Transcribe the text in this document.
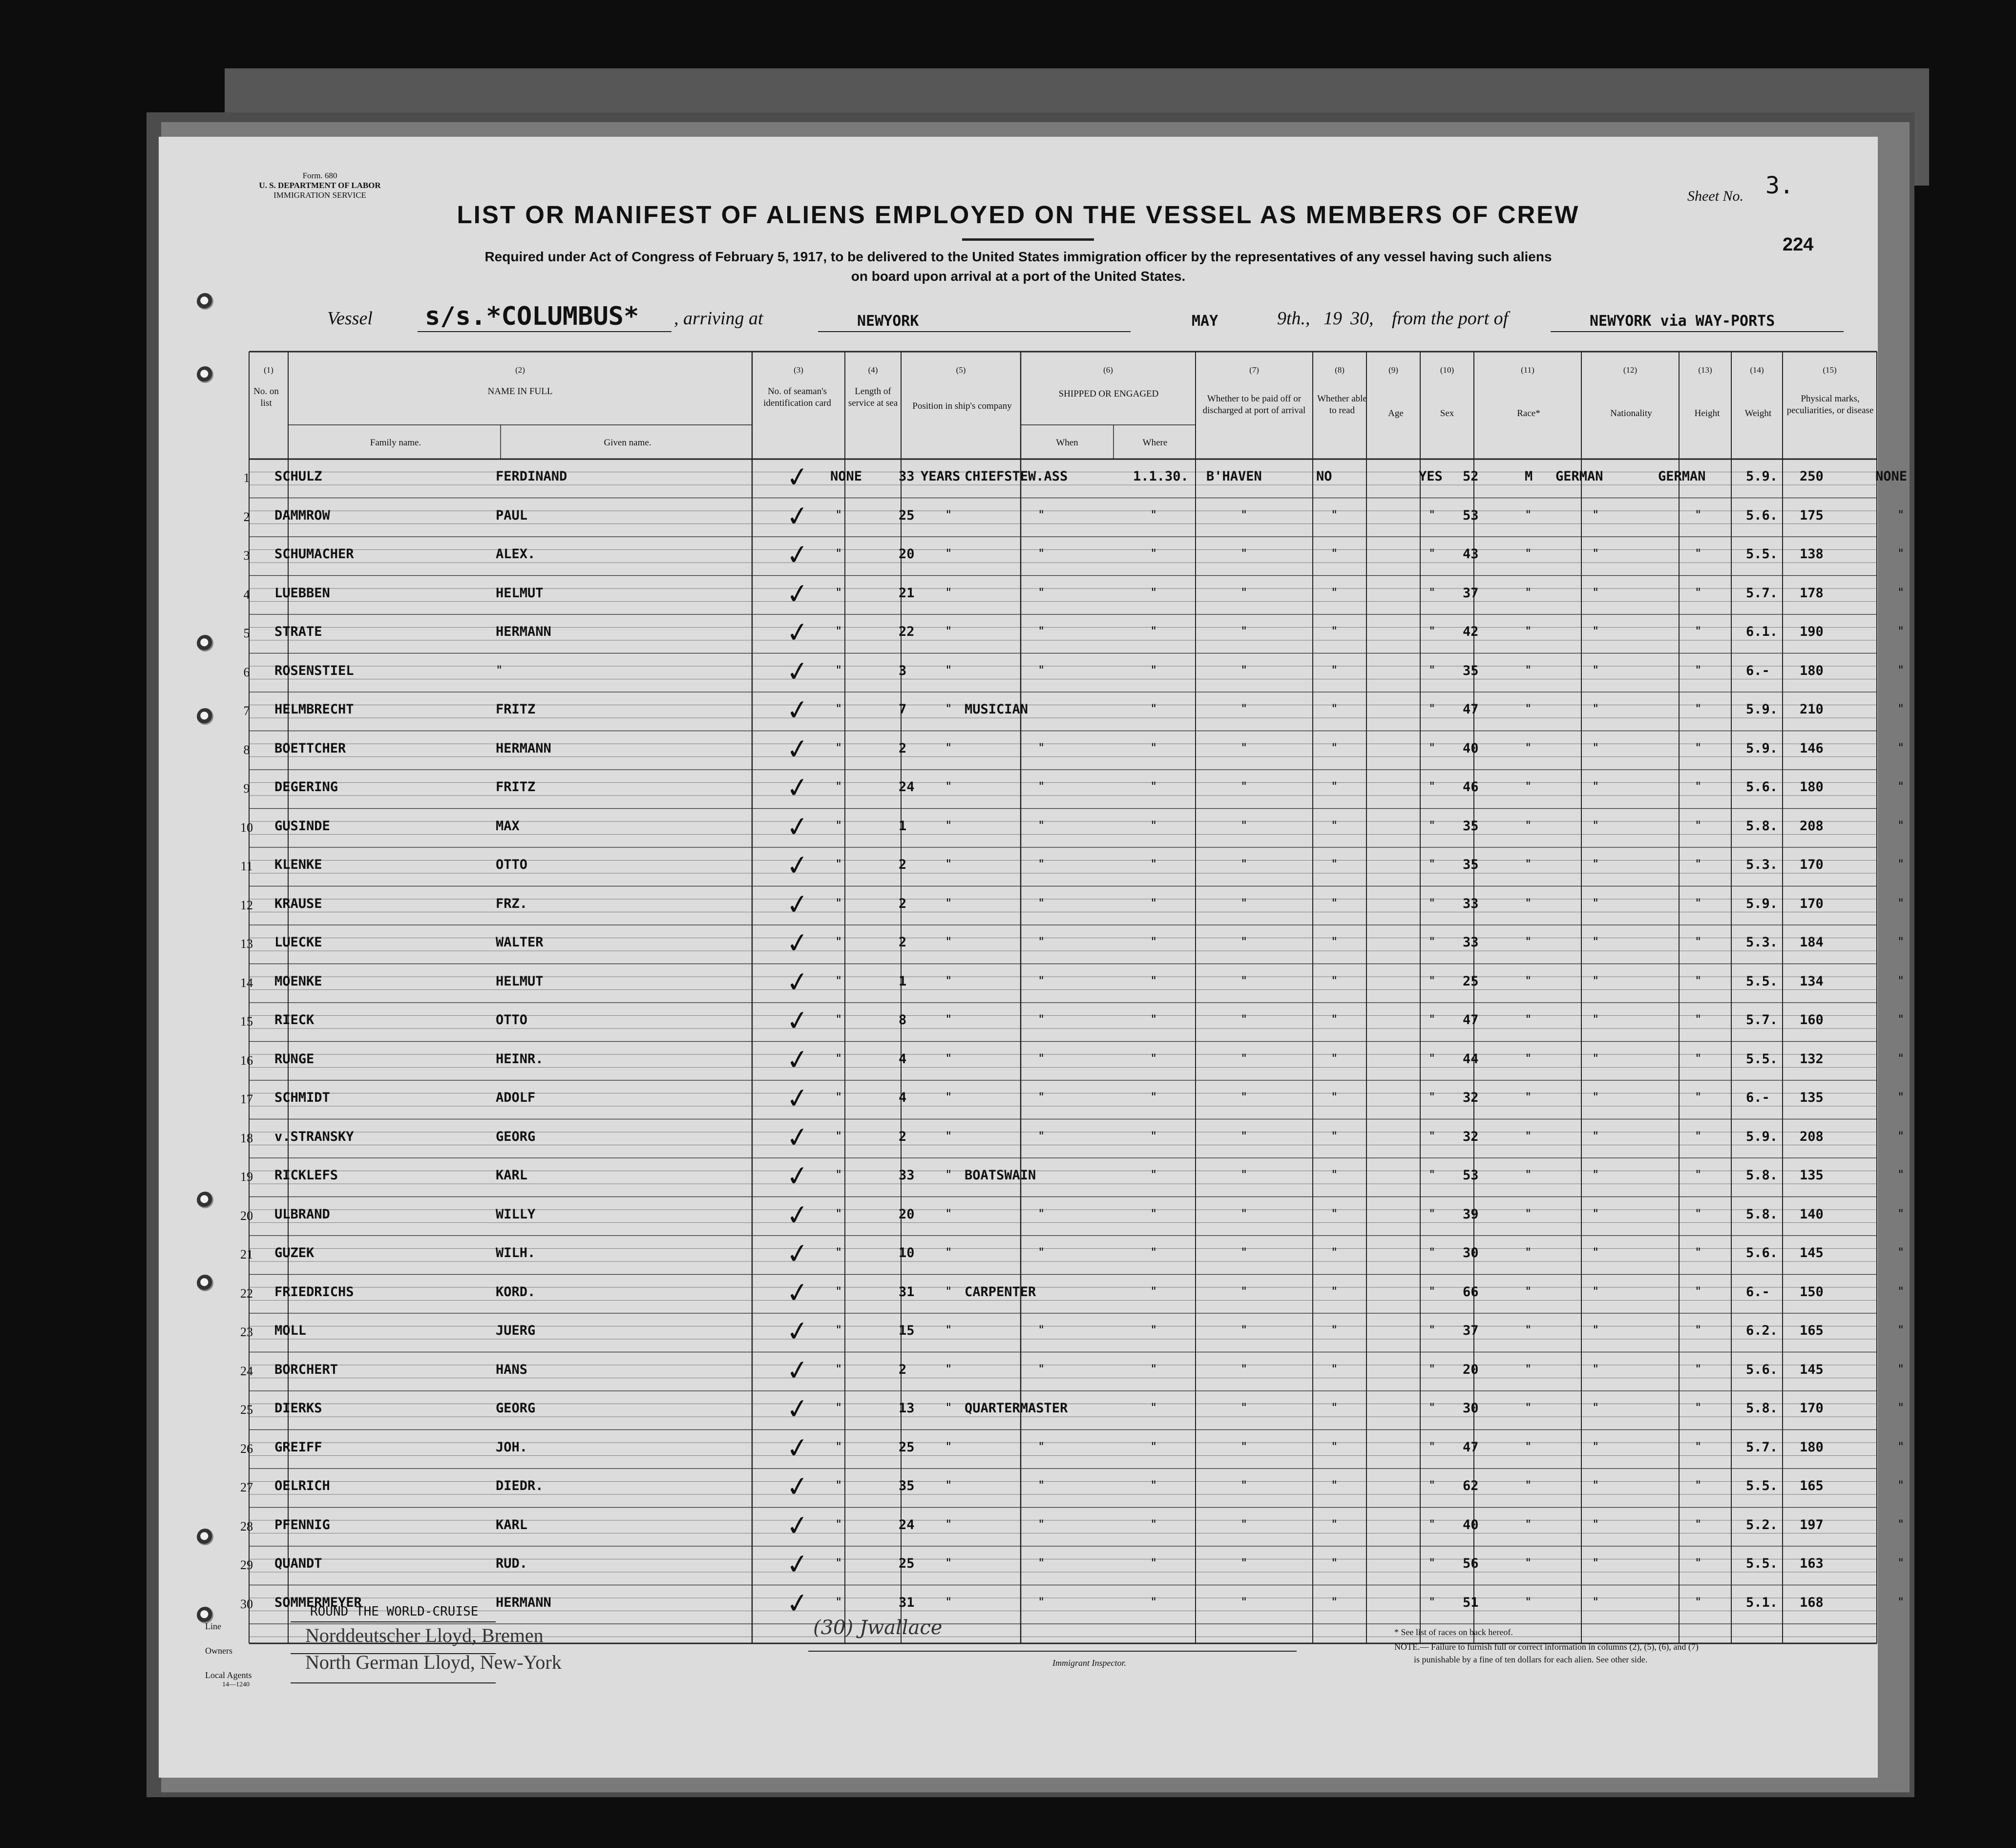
Form. 680
U. S. DEPARTMENT OF LABOR
IMMIGRATION SERVICE
LIST OR MANIFEST OF ALIENS EMPLOYED ON THE VESSEL AS MEMBERS OF CREW
Required under Act of Congress of February 5, 1917, to be delivered to the United States immigration officer by the representatives of any vessel having such aliens
on board upon arrival at a port of the United States.
Sheet No. 3.
224
Vessel s/s.*COLUMBUS* , arriving at	NEWYORK	MAY	9th., 19 30, from the port of	NEWYORK via WAY-PORTS
(1)	(2)	(3)	(4)	(5)	(6)	(7)	(8)	(9)	(10)	(11)	(12)	(13)	(14)	(15)
No. on list
NAME IN FULL
Family name.	Given name.
No. of seaman's identification card
Length of service at sea	Position in ship's company
SHIPPED OR ENGAGED
When	Where
Whether to be paid off or discharged at port of arrival
Whether able to read	Age	Sex	Race*	Nationality	Height	Weight
Physical marks, peculiarities, or disease
1	SCHULZ	FERDINAND	✓ NONE	33 YEARS CHIEFSTEW.ASS	1.1.30. B'HAVEN	NO	YES 52	M GERMAN	GERMAN	5.9. 250	NONE
2	DAMMROW	PAUL	✓ "	25	"	"	"	"	"	" 53	"	"	"	5.6. 175	"
3	SCHUMACHER	ALEX.	✓ "	20	"	"	"	"	"	" 43	"	"	"	5.5. 138	"
4	LUEBBEN	HELMUT	✓ "	21	"	"	"	"	"	" 37	"	"	"	5.7. 178	"
5	STRATE	HERMANN	✓ "	22	"	"	"	"	"	" 42	"	"	"	6.1. 190	"
6	ROSENSTIEL	"	✓ "	3	"	"	"	"	"	" 35	"	"	"	6.- 180	"
7	HELMBRECHT	FRITZ	✓ "	7	" MUSICIAN	"	"	"	" 47	"	"	"	5.9. 210	"
8	BOETTCHER	HERMANN	✓ "	2	"	"	"	"	"	" 40	"	"	"	5.9. 146	"
9	DEGERING	FRITZ	✓ "	24	"	"	"	"	"	" 46	"	"	"	5.6. 180	"
10	GUSINDE	MAX	✓ "	1	"	"	"	"	"	" 35	"	"	"	5.8. 208	"
11	KLENKE	OTTO	✓ "	2	"	"	"	"	"	" 35	"	"	"	5.3. 170	"
12	KRAUSE	FRZ.	✓ "	2	"	"	"	"	"	" 33	"	"	"	5.9. 170	"
13	LUECKE	WALTER	✓ "	2	"	"	"	"	"	" 33	"	"	"	5.3. 184	"
14	MOENKE	HELMUT	✓ "	1	"	"	"	"	"	" 25	"	"	"	5.5. 134	"
15	RIECK	OTTO	✓ "	8	"	"	"	"	"	" 47	"	"	"	5.7. 160	"
16	RUNGE	HEINR.	✓ "	4	"	"	"	"	"	" 44	"	"	"	5.5. 132	"
17	SCHMIDT	ADOLF	✓ "	4	"	"	"	"	"	" 32	"	"	"	6.- 135	"
18	v.STRANSKY	GEORG	✓ "	2	"	"	"	"	"	" 32	"	"	"	5.9. 208	"
19	RICKLEFS	KARL	✓ "	33	" BOATSWAIN	"	"	"	" 53	"	"	"	5.8. 135	"
20	ULBRAND	WILLY	✓ "	20	"	"	"	"	"	" 39	"	"	"	5.8. 140	"
21	GUZEK	WILH.	✓ "	10	"	"	"	"	"	" 30	"	"	"	5.6. 145	"
22	FRIEDRICHS	KORD.	✓ "	31	" CARPENTER	"	"	"	" 66	"	"	"	6.- 150	"
23	MOLL	JUERG	✓ "	15	"	"	"	"	"	" 37	"	"	"	6.2. 165	"
24	BORCHERT	HANS	✓ "	2	"	"	"	"	"	" 20	"	"	"	5.6. 145	"
25	DIERKS	GEORG	✓ "	13	" QUARTERMASTER	"	"	"	" 30	"	"	"	5.8. 170	"
26	GREIFF	JOH.	✓ "	25	"	"	"	"	"	" 47	"	"	"	5.7. 180	"
27	OELRICH	DIEDR.	✓ "	35	"	"	"	"	"	" 62	"	"	"	5.5. 165	"
28	PFENNIG	KARL	✓ "	24	"	"	"	"	"	" 40	"	"	"	5.2. 197	"
29	QUANDT	RUD.	✓ "	25	"	"	"	"	"	" 56	"	"	"	5.5. 163	"
30	SOMMERMEYER	HERMANN	✓ "	31	"	"	"	"	"	" 51	"	"	"	5.1. 168	"
Line
ROUND THE WORLD-CRUISE
Owners
Norddeutscher Lloyd, Bremen
Local Agents
14—1240
North German Lloyd, New-York
(30) Jwallace
Immigrant Inspector.
* See list of races on back hereof.
NOTE.— Failure to furnish full or correct information in columns (2), (5), (6), and (7)
is punishable by a fine of ten dollars for each alien. See other side.
